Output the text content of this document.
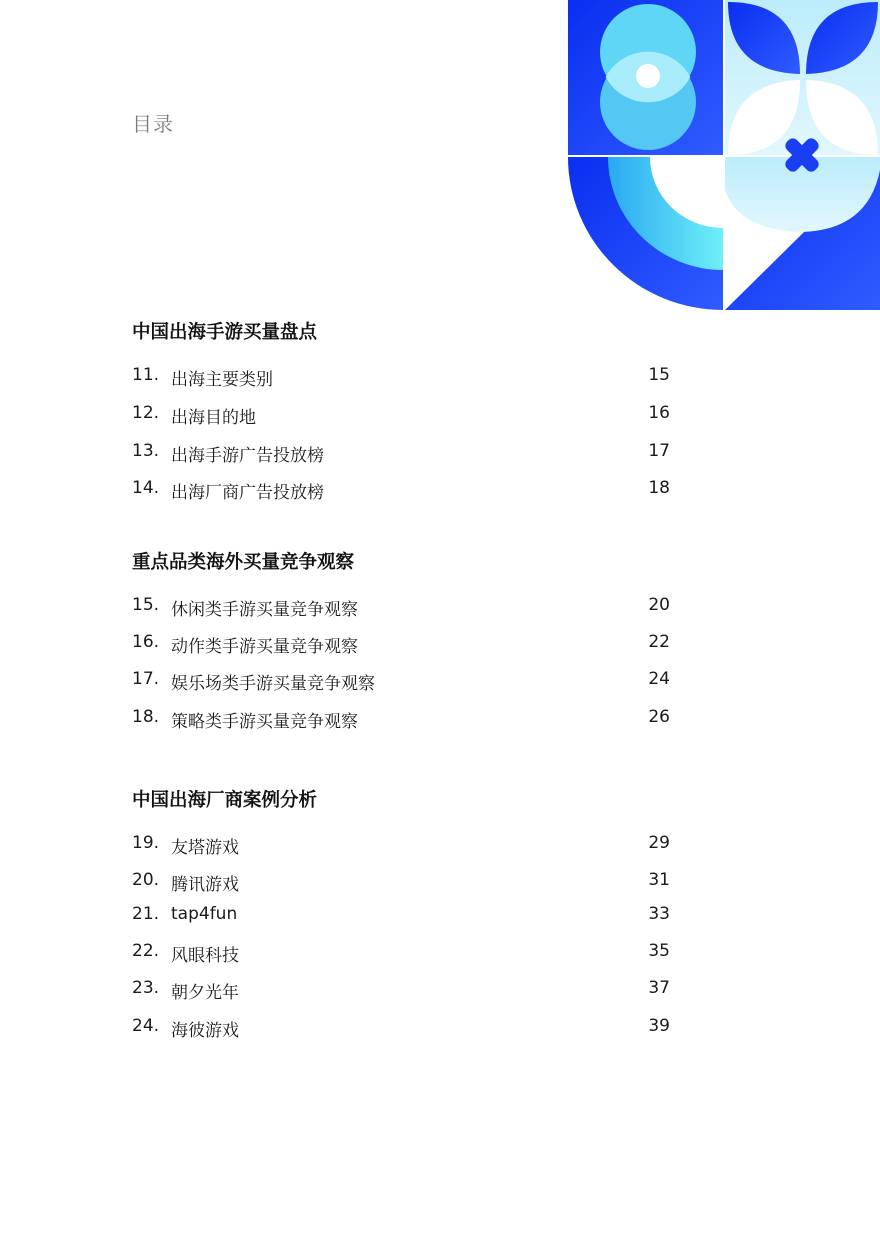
目录
中国出海手游买量盘点
11. 出海主要类别	15
12. 出海目的地	16
13. 出海手游广告投放榜	17
14. 出海厂商广告投放榜	18
重点品类海外买量竞争观察
15. 休闲类手游买量竞争观察	20
16. 动作类手游买量竞争观察	22
17. 娱乐场类手游买量竞争观察	24
18. 策略类手游买量竞争观察	26
中国出海厂商案例分析
19. 友塔游戏	29
20. 腾讯游戏	31
21. tap4fun	33
22. 风眼科技	35
23. 朝夕光年	37
24. 海彼游戏	39
